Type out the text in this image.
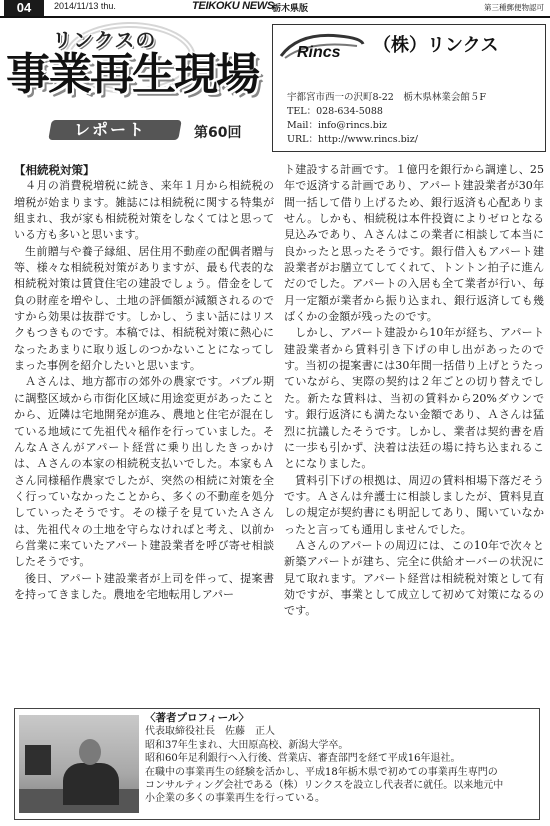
04	2014/11/13 thu.	TEIKOKU NEWS
栃木県版	第三種郵便物認可
リンクスの
事業再生現場
レポート	第60回
Rincs （株）リンクス
宇都宮市西一の沢町8-22　栃木県林業会館５F
TEL：028-634-5088
Mail：info@rincs.biz
URL：http://www.rincs.biz/

【相続税対策】

４月の消費税増税に続き、来年１月から相続税の増税が始まります。雑誌には相続税に関する特集が組まれ、我が家も相続税対策をしなくてはと思っている方も多いと思います。

生前贈与や養子縁組、居住用不動産の配偶者贈与等、様々な相続税対策がありますが、最も代表的な相続税対策は賃貸住宅の建設でしょう。借金をして負の財産を増やし、土地の評価額が減額されるのですから効果は抜群です。しかし、うまい話にはリスクもつきものです。本稿では、相続税対策に熱心になったあまりに取り返しのつかないことになってしまった事例を紹介したいと思います。

Ａさんは、地方都市の郊外の農家です。バブル期に調整区域から市街化区域に用途変更があったことから、近隣は宅地開発が進み、農地と住宅が混在している地域にて先祖代々稲作を行っていました。そんなＡさんがアパート経営に乗り出したきっかけは、Ａさんの本家の相続税支払いでした。本家もＡさん同様稲作農家でしたが、突然の相続に対策を全く行っていなかったことから、多くの不動産を処分していったそうです。その様子を見ていたＡさんは、先祖代々の土地を守らなければと考え、以前から営業に来ていたアパート建設業者を呼び寄せ相談したそうです。

後日、アパート建設業者が上司を伴って、提案書を持ってきました。農地を宅地転用しアパー

ト建設する計画です。１億円を銀行から調達し、25年で返済する計画であり、アパート建設業者が30年間一括して借り上げるため、銀行返済も心配ありません。しかも、相続税は本件投資によりゼロとなる見込みであり、Ａさんはこの業者に相談して本当に良かったと思ったそうです。銀行借入もアパート建設業者がお膳立てしてくれて、トントン拍子に進んだのでした。アパートの入居も全て業者が行い、毎月一定額が業者から振り込まれ、銀行返済しても幾ばくかの金額が残ったのです。

しかし、アパート建設から10年が経ち、アパート建設業者から賃料引き下げの申し出があったのです。当初の提案書には30年間一括借り上げとうたっていながら、実際の契約は２年ごとの切り替えでした。新たな賃料は、当初の賃料から20%ダウンです。銀行返済にも満たない金額であり、Ａさんは猛烈に抗議したそうです。しかし、業者は契約書を盾に一歩も引かず、決着は法廷の場に持ち込まれることになりました。

賃料引下げの根拠は、周辺の賃料相場下落だそうです。Ａさんは弁護士に相談しましたが、賃料見直しの規定が契約書にも明記してあり、聞いていなかったと言っても通用しませんでした。

Ａさんのアパートの周辺には、この10年で次々と新築アパートが建ち、完全に供給オーバーの状況に見て取れます。アパート経営は相続税対策として有効ですが、事業として成立して初めて対策になるのです。

〈著者プロフィール〉
代表取締役社長　佐藤　正人
昭和37年生まれ、大田原高校、新潟大学卒。
昭和60年足利銀行へ入行後、営業店、審査部門を経て平成16年退社。
在職中の事業再生の経験を活かし、平成18年栃木県で初めての事業再生専門の
コンサルティング会社である（株）リンクスを設立し代表者に就任。以来地元中
小企業の多くの事業再生を行っている。
